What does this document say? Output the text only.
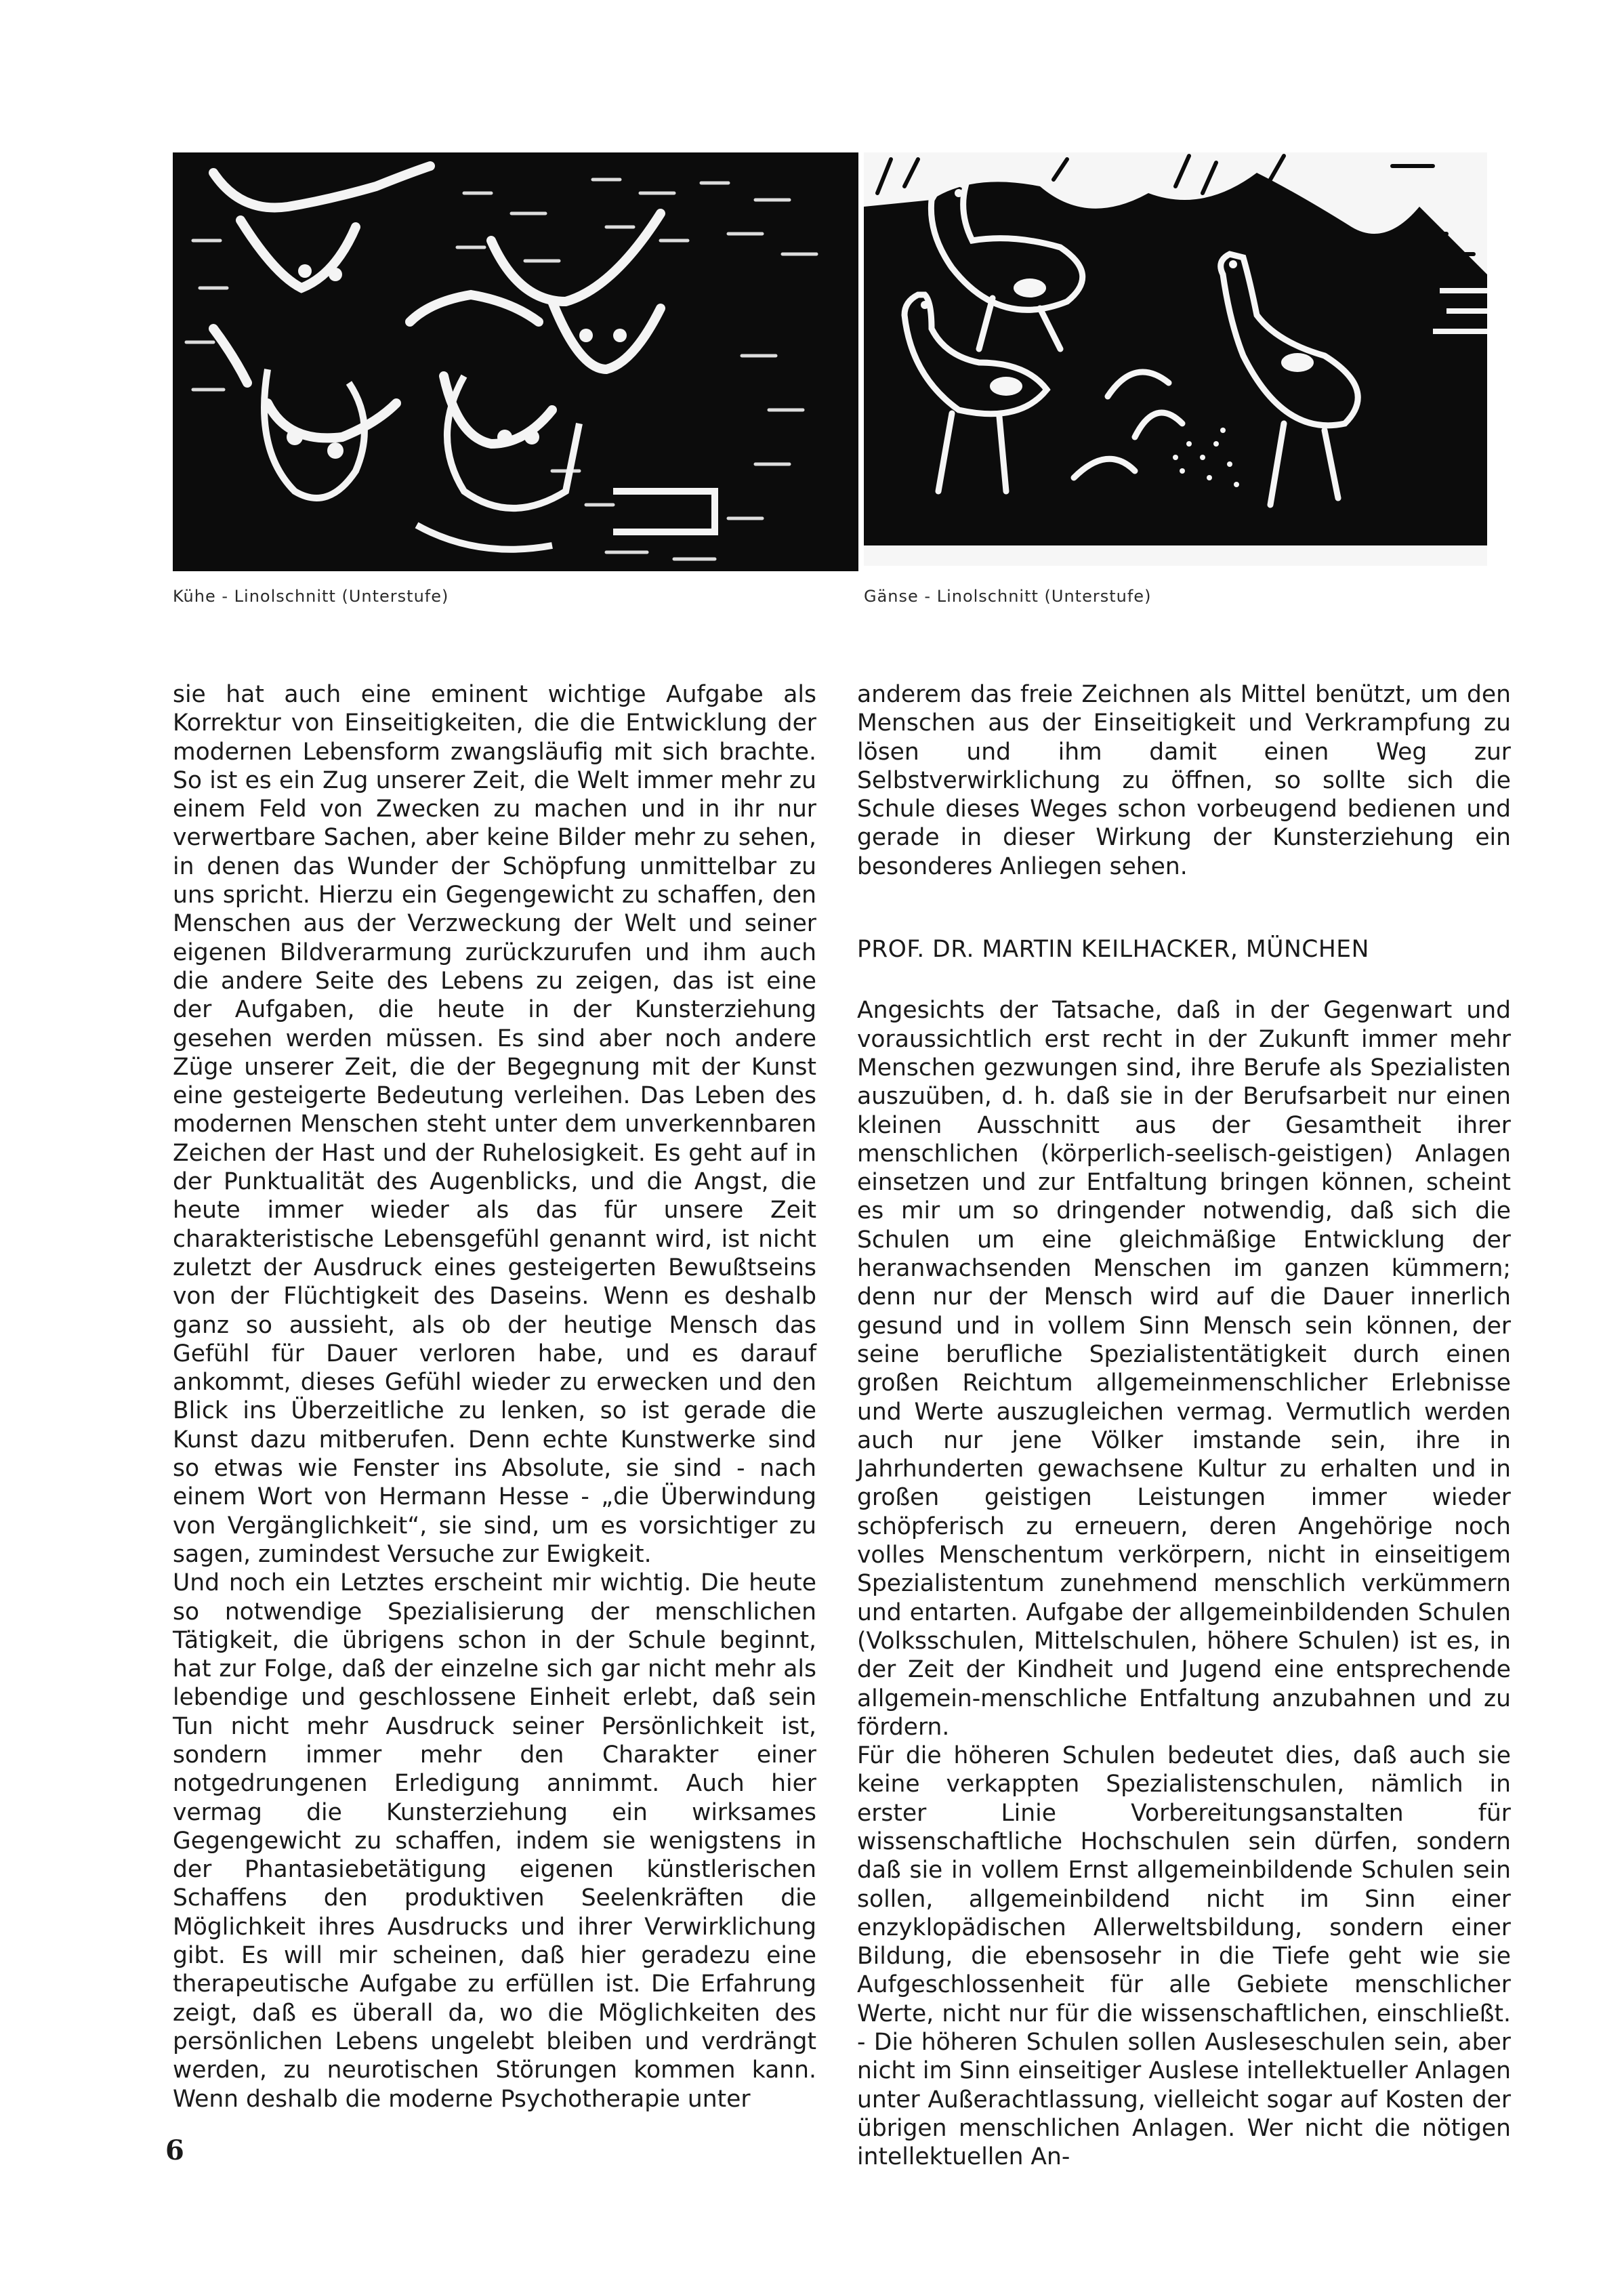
Kühe - Linolschnitt (Unterstufe)	Gänse - Linolschnitt (Unterstufe)

sie hat auch eine eminent wichtige Aufgabe als Korrektur von Einseitigkeiten, die die Entwicklung der modernen Lebensform zwangsläufig mit sich brachte. So ist es ein Zug unserer Zeit, die Welt immer mehr zu einem Feld von Zwecken zu machen und in ihr nur verwertbare Sachen, aber keine Bilder mehr zu sehen, in denen das Wunder der Schöpfung unmittelbar zu uns spricht. Hierzu ein Gegengewicht zu schaffen, den Menschen aus der Verzweckung der Welt und seiner eigenen Bildverarmung zurückzurufen und ihm auch die andere Seite des Lebens zu zeigen, das ist eine der Aufgaben, die heute in der Kunsterziehung gesehen werden müssen. Es sind aber noch andere Züge unserer Zeit, die der Begegnung mit der Kunst eine gesteigerte Bedeutung verleihen. Das Leben des modernen Menschen steht unter dem unverkennbaren Zeichen der Hast und der Ruhelosigkeit. Es geht auf in der Punktualität des Augenblicks, und die Angst, die heute immer wieder als das für unsere Zeit charakteristische Lebensgefühl genannt wird, ist nicht zuletzt der Ausdruck eines gesteigerten Bewußtseins von der Flüchtigkeit des Daseins. Wenn es deshalb ganz so aussieht, als ob der heutige Mensch das Gefühl für Dauer verloren habe, und es darauf ankommt, dieses Gefühl wieder zu erwecken und den Blick ins Überzeitliche zu lenken, so ist gerade die Kunst dazu mitberufen. Denn echte Kunstwerke sind so etwas wie Fenster ins Absolute, sie sind - nach einem Wort von Hermann Hesse - „die Überwindung von Vergänglichkeit“, sie sind, um es vorsichtiger zu sagen, zumindest Versuche zur Ewigkeit.

Und noch ein Letztes erscheint mir wichtig. Die heute so notwendige Spezialisierung der menschlichen Tätigkeit, die übrigens schon in der Schule beginnt, hat zur Folge, daß der einzelne sich gar nicht mehr als lebendige und geschlossene Einheit erlebt, daß sein Tun nicht mehr Ausdruck seiner Persönlichkeit ist, sondern immer mehr den Charakter einer notgedrungenen Erledigung annimmt. Auch hier vermag die Kunsterziehung ein wirksames Gegengewicht zu schaffen, indem sie wenigstens in der Phantasiebetätigung eigenen künstlerischen Schaffens den produktiven Seelenkräften die Möglichkeit ihres Ausdrucks und ihrer Verwirklichung gibt. Es will mir scheinen, daß hier geradezu eine therapeutische Aufgabe zu erfüllen ist. Die Erfahrung zeigt, daß es überall da, wo die Möglichkeiten des persönlichen Lebens ungelebt bleiben und verdrängt werden, zu neurotischen Störungen kommen kann. Wenn deshalb die moderne Psychotherapie unter

anderem das freie Zeichnen als Mittel benützt, um den Menschen aus der Einseitigkeit und Verkrampfung zu lösen und ihm damit einen Weg zur Selbstverwirklichung zu öffnen, so sollte sich die Schule dieses Weges schon vorbeugend bedienen und gerade in dieser Wirkung der Kunsterziehung ein besonderes Anliegen sehen.

PROF. DR. MARTIN KEILHACKER, MÜNCHEN

Angesichts der Tatsache, daß in der Gegenwart und voraussichtlich erst recht in der Zukunft immer mehr Menschen gezwungen sind, ihre Berufe als Spezialisten auszuüben, d. h. daß sie in der Berufsarbeit nur einen kleinen Ausschnitt aus der Gesamtheit ihrer menschlichen (körperlich-seelisch-geistigen) Anlagen einsetzen und zur Entfaltung bringen können, scheint es mir um so dringender notwendig, daß sich die Schulen um eine gleichmäßige Entwicklung der heranwachsenden Menschen im ganzen kümmern; denn nur der Mensch wird auf die Dauer innerlich gesund und in vollem Sinn Mensch sein können, der seine berufliche Spezialistentätigkeit durch einen großen Reichtum allgemeinmenschlicher Erlebnisse und Werte auszugleichen vermag. Vermutlich werden auch nur jene Völker imstande sein, ihre in Jahrhunderten gewachsene Kultur zu erhalten und in großen geistigen Leistungen immer wieder schöpferisch zu erneuern, deren Angehörige noch volles Menschentum verkörpern, nicht in einseitigem Spezialistentum zunehmend menschlich verkümmern und entarten. Aufgabe der allgemeinbildenden Schulen (Volksschulen, Mittelschulen, höhere Schulen) ist es, in der Zeit der Kindheit und Jugend eine entsprechende allgemein-menschliche Entfaltung anzubahnen und zu fördern.

Für die höheren Schulen bedeutet dies, daß auch sie keine verkappten Spezialistenschulen, nämlich in erster Linie Vorbereitungsanstalten für wissenschaftliche Hochschulen sein dürfen, sondern daß sie in vollem Ernst allgemeinbildende Schulen sein sollen, allgemeinbildend nicht im Sinn einer enzyklopädischen Allerweltsbildung, sondern einer Bildung, die ebensosehr in die Tiefe geht wie sie Aufgeschlossenheit für alle Gebiete menschlicher Werte, nicht nur für die wissenschaftlichen, einschließt. - Die höheren Schulen sollen Ausleseschulen sein, aber nicht im Sinn einseitiger Auslese intellektueller Anlagen unter Außerachtlassung, vielleicht sogar auf Kosten der übrigen menschlichen Anlagen. Wer nicht die nötigen intellektuellen An-

6
